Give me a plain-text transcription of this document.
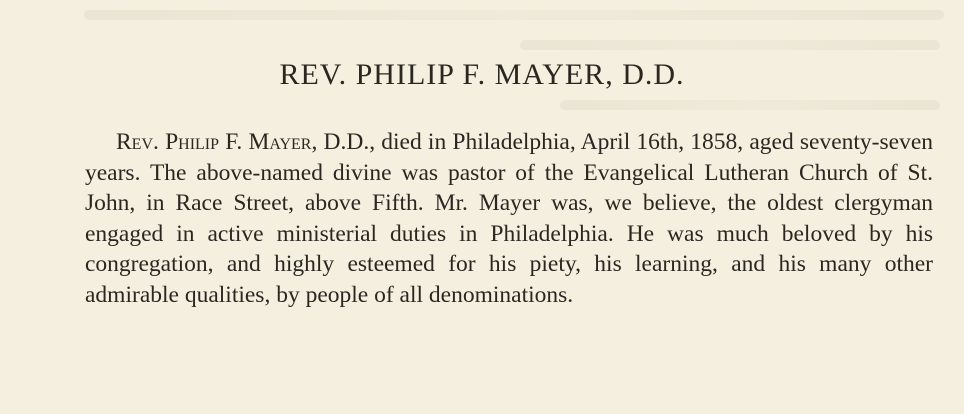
REV. PHILIP F. MAYER, D.D.

Rev. Philip F. Mayer, D.D., died in Philadelphia, April 16th, 1858, aged seventy-seven years. The above-named divine was pastor of the Evangelical Lutheran Church of St. John, in Race Street, above Fifth. Mr. Mayer was, we believe, the oldest clergyman engaged in active ministerial duties in Philadelphia. He was much beloved by his congregation, and highly esteemed for his piety, his learning, and his many other admirable qualities, by people of all denominations.
